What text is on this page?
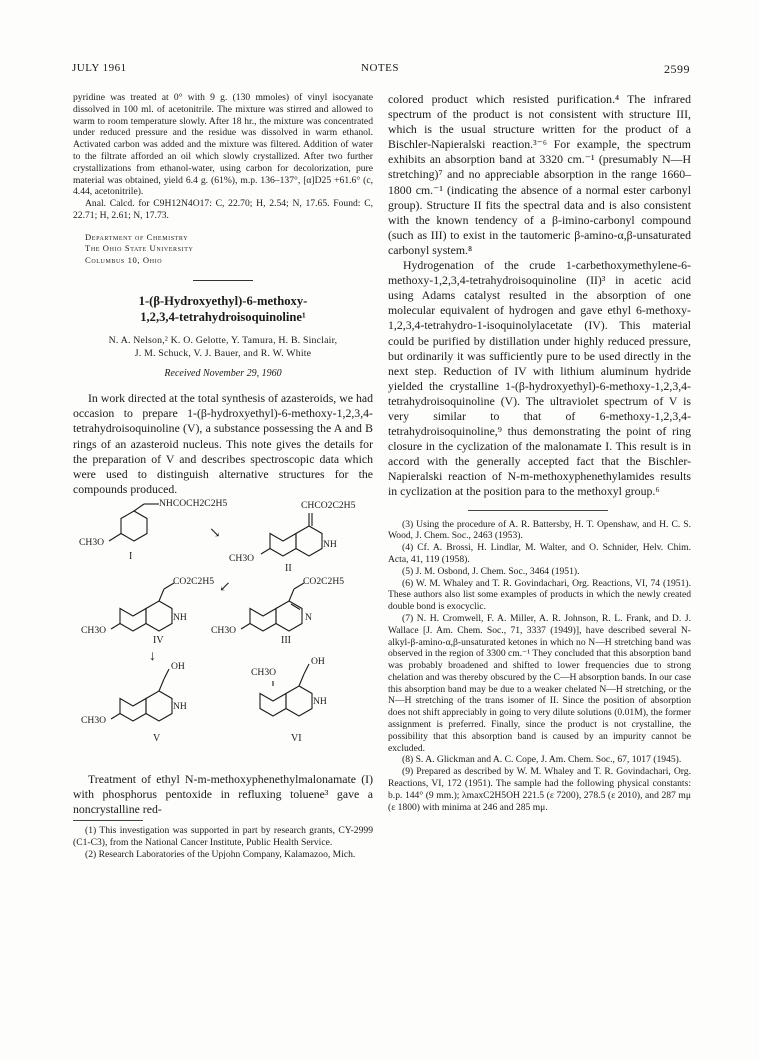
JULY 1961	NOTES	2599

pyridine was treated at 0° with 9 g. (130 mmoles) of vinyl isocyanate dissolved in 100 ml. of acetonitrile. The mixture was stirred and allowed to warm to room temperature slowly. After 18 hr., the mixture was concentrated under reduced pressure and the residue was dissolved in warm ethanol. Activated carbon was added and the mixture was filtered. Addition of water to the filtrate afforded an oil which slowly crystallized. After two further crystallizations from ethanol-water, using carbon for decolorization, pure material was obtained, yield 6.4 g. (61%), m.p. 136–137°, [α]D25 +61.6° (c, 4.44, acetonitrile).

Anal. Calcd. for C9H12N4O17: C, 22.70; H, 2.54; N, 17.65. Found: C, 22.71; H, 2.61; N, 17.73.

Department of Chemistry
The Ohio State University
Columbus 10, Ohio
1-(β-Hydroxyethyl)-6-methoxy-
1,2,3,4-tetrahydroisoquinoline¹
N. A. Nelson,² K. O. Gelotte, Y. Tamura, H. B. Sinclair,
J. M. Schuck, V. J. Bauer, and R. W. White
Received November 29, 1960

In work directed at the total synthesis of azasteroids, we had occasion to prepare 1-(β-hydroxyethyl)-6-methoxy-1,2,3,4-tetrahydroisoquinoline (V), a substance possessing the A and B rings of an azasteroid nucleus. This note gives the details for the preparation of V and describes spectroscopic data which were used to distinguish alternative structures for the compounds produced.

NHCOCH2C2H5
CH3O
I
↘
CHCO2C2H5
NH
CH3O
II
↙
CO2C2H5
NH
CH3O
IV
CO2C2H5
N
CH3O
III
↓
OH
NH
CH3O
V
OH
NH
CH3O
VI

Treatment of ethyl N-m-methoxyphenethylmalonamate (I) with phosphorus pentoxide in refluxing toluene³ gave a noncrystalline red-

(1) This investigation was supported in part by research grants, CY-2999 (C1-C3), from the National Cancer Institute, Public Health Service.

(2) Research Laboratories of the Upjohn Company, Kalamazoo, Mich.

colored product which resisted purification.⁴ The infrared spectrum of the product is not consistent with structure III, which is the usual structure written for the product of a Bischler-Napieralski reaction.³⁻⁶ For example, the spectrum exhibits an absorption band at 3320 cm.⁻¹ (presumably N—H stretching)⁷ and no appreciable absorption in the range 1660–1800 cm.⁻¹ (indicating the absence of a normal ester carbonyl group). Structure II fits the spectral data and is also consistent with the known tendency of a β-imino-carbonyl compound (such as III) to exist in the tautomeric β-amino-α,β-unsaturated carbonyl system.⁸

Hydrogenation of the crude 1-carbethoxymethylene-6-methoxy-1,2,3,4-tetrahydroisoquinoline (II)³ in acetic acid using Adams catalyst resulted in the absorption of one molecular equivalent of hydrogen and gave ethyl 6-methoxy-1,2,3,4-tetrahydro-1-isoquinolylacetate (IV). This material could be purified by distillation under highly reduced pressure, but ordinarily it was sufficiently pure to be used directly in the next step. Reduction of IV with lithium aluminum hydride yielded the crystalline 1-(β-hydroxyethyl)-6-methoxy-1,2,3,4-tetrahydroisoquinoline (V). The ultraviolet spectrum of V is very similar to that of 6-methoxy-1,2,3,4-tetrahydroisoquinoline,⁹ thus demonstrating the point of ring closure in the cyclization of the malonamate I. This result is in accord with the generally accepted fact that the Bischler-Napieralski reaction of N-m-methoxyphenethylamides results in cyclization at the position para to the methoxyl group.⁶

(3) Using the procedure of A. R. Battersby, H. T. Openshaw, and H. C. S. Wood, J. Chem. Soc., 2463 (1953).

(4) Cf. A. Brossi, H. Lindlar, M. Walter, and O. Schnider, Helv. Chim. Acta, 41, 119 (1958).

(5) J. M. Osbond, J. Chem. Soc., 3464 (1951).

(6) W. M. Whaley and T. R. Govindachari, Org. Reactions, VI, 74 (1951). These authors also list some examples of products in which the newly created double bond is exocyclic.

(7) N. H. Cromwell, F. A. Miller, A. R. Johnson, R. L. Frank, and D. J. Wallace [J. Am. Chem. Soc., 71, 3337 (1949)], have described several N-alkyl-β-amino-α,β-unsaturated ketones in which no N—H stretching band was observed in the region of 3300 cm.⁻¹ They concluded that this absorption band was probably broadened and shifted to lower frequencies due to strong chelation and was thereby obscured by the C—H absorption bands. In our case this absorption band may be due to a weaker chelated N—H stretching, or the N—H stretching of the trans isomer of II. Since the position of absorption does not shift appreciably in going to very dilute solutions (0.01M), the former assignment is preferred. Finally, since the product is not crystalline, the possibility that this absorption band is caused by an impurity cannot be excluded.

(8) S. A. Glickman and A. C. Cope, J. Am. Chem. Soc., 67, 1017 (1945).

(9) Prepared as described by W. M. Whaley and T. R. Govindachari, Org. Reactions, VI, 172 (1951). The sample had the following physical constants: b.p. 144° (9 mm.); λmaxC2H5OH 221.5 (ε 7200), 278.5 (ε 2010), and 287 mμ (ε 1800) with minima at 246 and 285 mμ.
